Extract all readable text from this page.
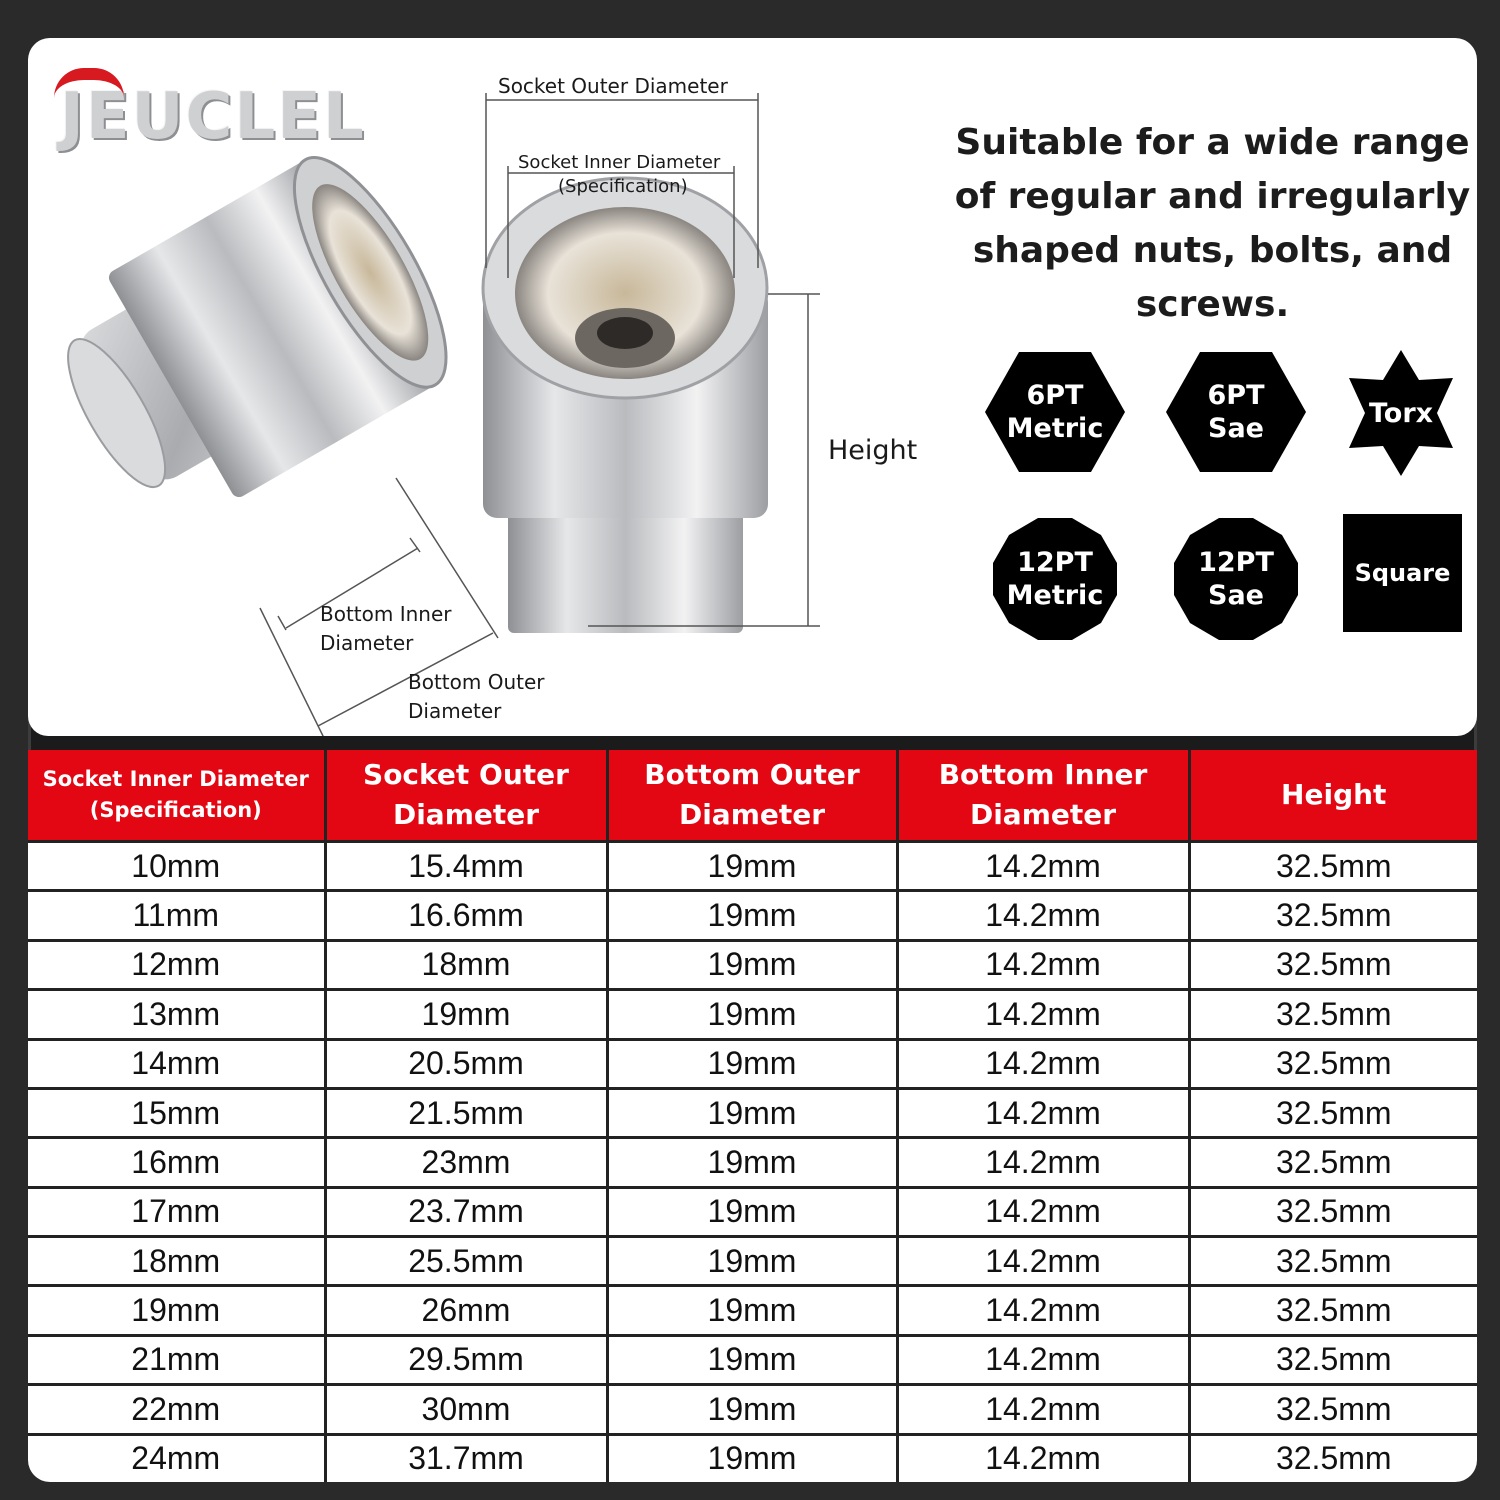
JEUCLEL	Socket Outer Diameter
Socket Inner Diameter
(Specification)
Height
Bottom Inner
Diameter
Bottom Outer
Diameter
Suitable for a wide range of regular and irregularly shaped nuts, bolts, and screws.
6PT
Metric
6PT
Sae	Torx
12PT
Metric
12PT
Sae
Square
Socket Inner Diameter
(Specification)	Socket Outer
Diameter	Bottom Outer
Diameter	Bottom Inner
Diameter	Height
10mm	15.4mm	19mm	14.2mm	32.5mm
11mm	16.6mm	19mm	14.2mm	32.5mm
12mm	18mm	19mm	14.2mm	32.5mm
13mm	19mm	19mm	14.2mm	32.5mm
14mm	20.5mm	19mm	14.2mm	32.5mm
15mm	21.5mm	19mm	14.2mm	32.5mm
16mm	23mm	19mm	14.2mm	32.5mm
17mm	23.7mm	19mm	14.2mm	32.5mm
18mm	25.5mm	19mm	14.2mm	32.5mm
19mm	26mm	19mm	14.2mm	32.5mm
21mm	29.5mm	19mm	14.2mm	32.5mm
22mm	30mm	19mm	14.2mm	32.5mm
24mm	31.7mm	19mm	14.2mm	32.5mm
